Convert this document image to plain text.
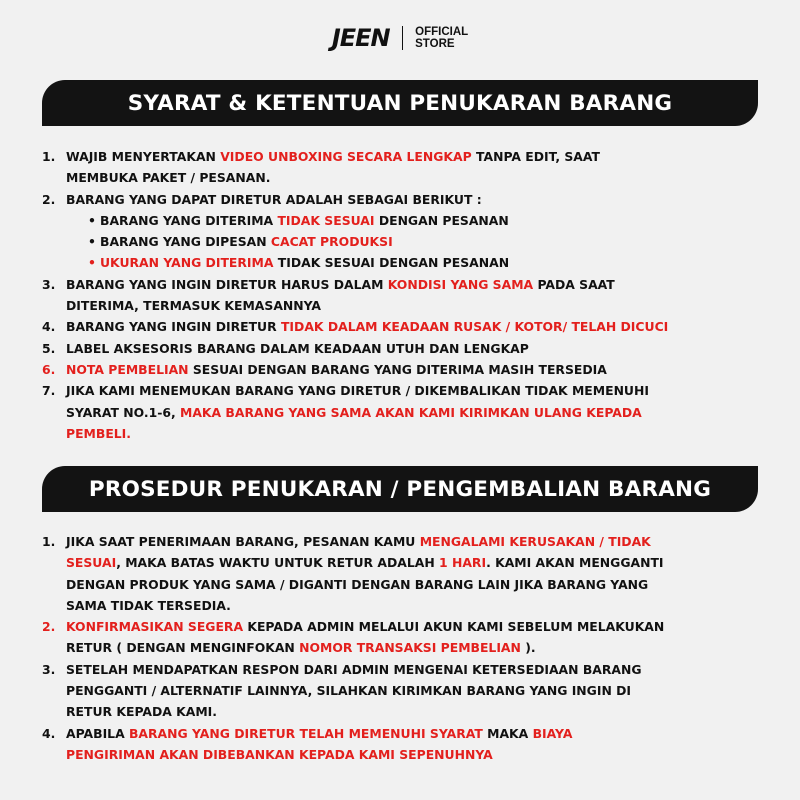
JEEN OFFICIAL
STORE
SYARAT & KETENTUAN PENUKARAN BARANG
1. WAJIB MENYERTAKAN VIDEO UNBOXING SECARA LENGKAP TANPA EDIT, SAAT
MEMBUKA PAKET / PESANAN.
2. BARANG YANG DAPAT DIRETUR ADALAH SEBAGAI BERIKUT :
• BARANG YANG DITERIMA TIDAK SESUAI DENGAN PESANAN
• BARANG YANG DIPESAN CACAT PRODUKSI
• UKURAN YANG DITERIMA TIDAK SESUAI DENGAN PESANAN
3. BARANG YANG INGIN DIRETUR HARUS DALAM KONDISI YANG SAMA PADA SAAT
DITERIMA, TERMASUK KEMASANNYA
4. BARANG YANG INGIN DIRETUR TIDAK DALAM KEADAAN RUSAK / KOTOR/ TELAH DICUCI
5. LABEL AKSESORIS BARANG DALAM KEADAAN UTUH DAN LENGKAP
6. NOTA PEMBELIAN SESUAI DENGAN BARANG YANG DITERIMA MASIH TERSEDIA
7. JIKA KAMI MENEMUKAN BARANG YANG DIRETUR / DIKEMBALIKAN TIDAK MEMENUHI
SYARAT NO.1-6, MAKA BARANG YANG SAMA AKAN KAMI KIRIMKAN ULANG KEPADA
PEMBELI.
PROSEDUR PENUKARAN / PENGEMBALIAN BARANG
1. JIKA SAAT PENERIMAAN BARANG, PESANAN KAMU MENGALAMI KERUSAKAN / TIDAK
SESUAI, MAKA BATAS WAKTU UNTUK RETUR ADALAH 1 HARI. KAMI AKAN MENGGANTI
DENGAN PRODUK YANG SAMA / DIGANTI DENGAN BARANG LAIN JIKA BARANG YANG
SAMA TIDAK TERSEDIA.
2. KONFIRMASIKAN SEGERA KEPADA ADMIN MELALUI AKUN KAMI SEBELUM MELAKUKAN
RETUR ( DENGAN MENGINFOKAN NOMOR TRANSAKSI PEMBELIAN ).
3. SETELAH MENDAPATKAN RESPON DARI ADMIN MENGENAI KETERSEDIAAN BARANG
PENGGANTI / ALTERNATIF LAINNYA, SILAHKAN KIRIMKAN BARANG YANG INGIN DI
RETUR KEPADA KAMI.
4. APABILA BARANG YANG DIRETUR TELAH MEMENUHI SYARAT MAKA BIAYA
PENGIRIMAN AKAN DIBEBANKAN KEPADA KAMI SEPENUHNYA
